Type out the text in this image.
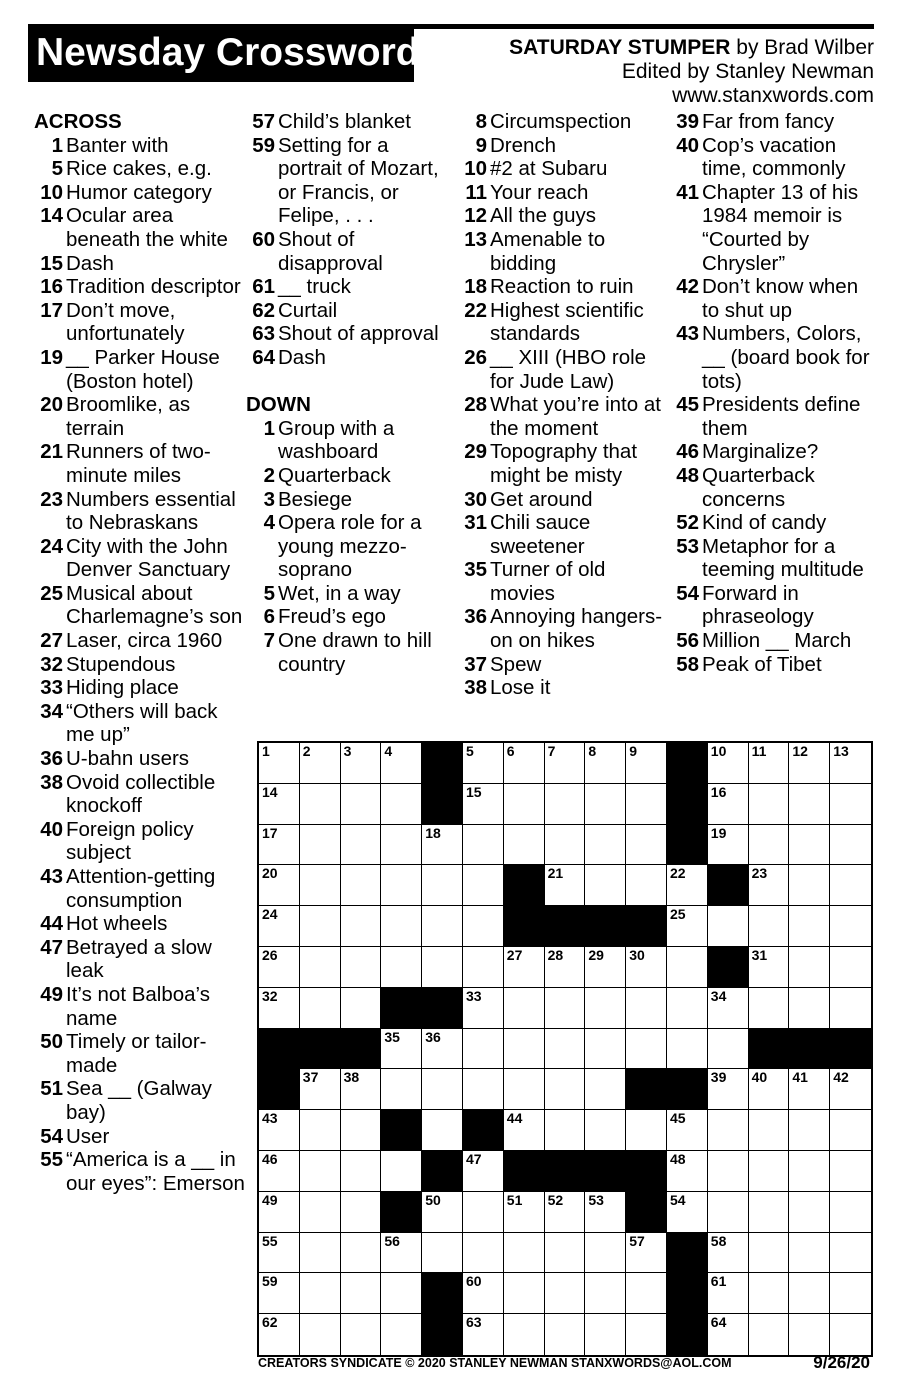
Newsday Crossword	SATURDAY STUMPER by Brad Wilber
Edited by Stanley Newman
www.stanxwords.com
ACROSS
1 Banter with
5 Rice cakes, e.g.
10 Humor category
14 Ocular area beneath the white
15 Dash
16 Tradition descriptor
17 Don’t move, unfortunately
19 __ Parker House (Boston hotel)
20 Broomlike, as terrain
21 Runners of two-minute miles
23 Numbers essential to Nebraskans
24 City with the John Denver Sanctuary
25 Musical about Charlemagne’s son
27 Laser, circa 1960
32 Stupendous
33 Hiding place
34 “Others will back me up”
36 U-bahn users
38 Ovoid collectible knockoff
40 Foreign policy subject
43 Attention-getting consumption
44 Hot wheels
47 Betrayed a slow leak
49 It’s not Balboa’s name
50 Timely or tailor-made
51 Sea __ (Galway bay)
54 User
55 “America is a __ in our eyes”: Emerson
57 Child’s blanket
59 Setting for a portrait of Mozart, or Francis, or Felipe, . . .
60 Shout of disapproval
61 __ truck
62 Curtail
63 Shout of approval
64 Dash
DOWN
1 Group with a washboard
2 Quarterback
3 Besiege
4 Opera role for a young mezzo-soprano
5 Wet, in a way
6 Freud’s ego
7 One drawn to hill country
8 Circumspection
9 Drench
10 #2 at Subaru
11 Your reach
12 All the guys
13 Amenable to bidding
18 Reaction to ruin
22 Highest scientific standards
26 __ XIII (HBO role for Jude Law)
28 What you’re into at the moment
29 Topography that might be misty
30 Get around
31 Chili sauce sweetener
35 Turner of old movies
36 Annoying hangers-on on hikes
37 Spew
38 Lose it
39 Far from fancy
40 Cop’s vacation time, commonly
41 Chapter 13 of his 1984 memoir is “Courted by Chrysler”
42 Don’t know when to shut up
43 Numbers, Colors, __ (board book for tots)
45 Presidents define them
46 Marginalize?
48 Quarterback concerns
52 Kind of candy
53 Metaphor for a teeming multitude
54 Forward in phraseology
56 Million __ March
58 Peak of Tibet
1 2 3 4	5 6 7 8 9	10 11 12 13
14	15	16
17	18	19
20	21	22	23
24	25
26	27 28 29 30	31
32	33	34
35 36
37 38	39 40 41 42
43	44	45
46	47	48
49	50	51 52 53	54
55	56	57	58
59	60	61
62	63	64
CREATORS SYNDICATE © 2020 STANLEY NEWMAN STANXWORDS@AOL.COM	9/26/20
